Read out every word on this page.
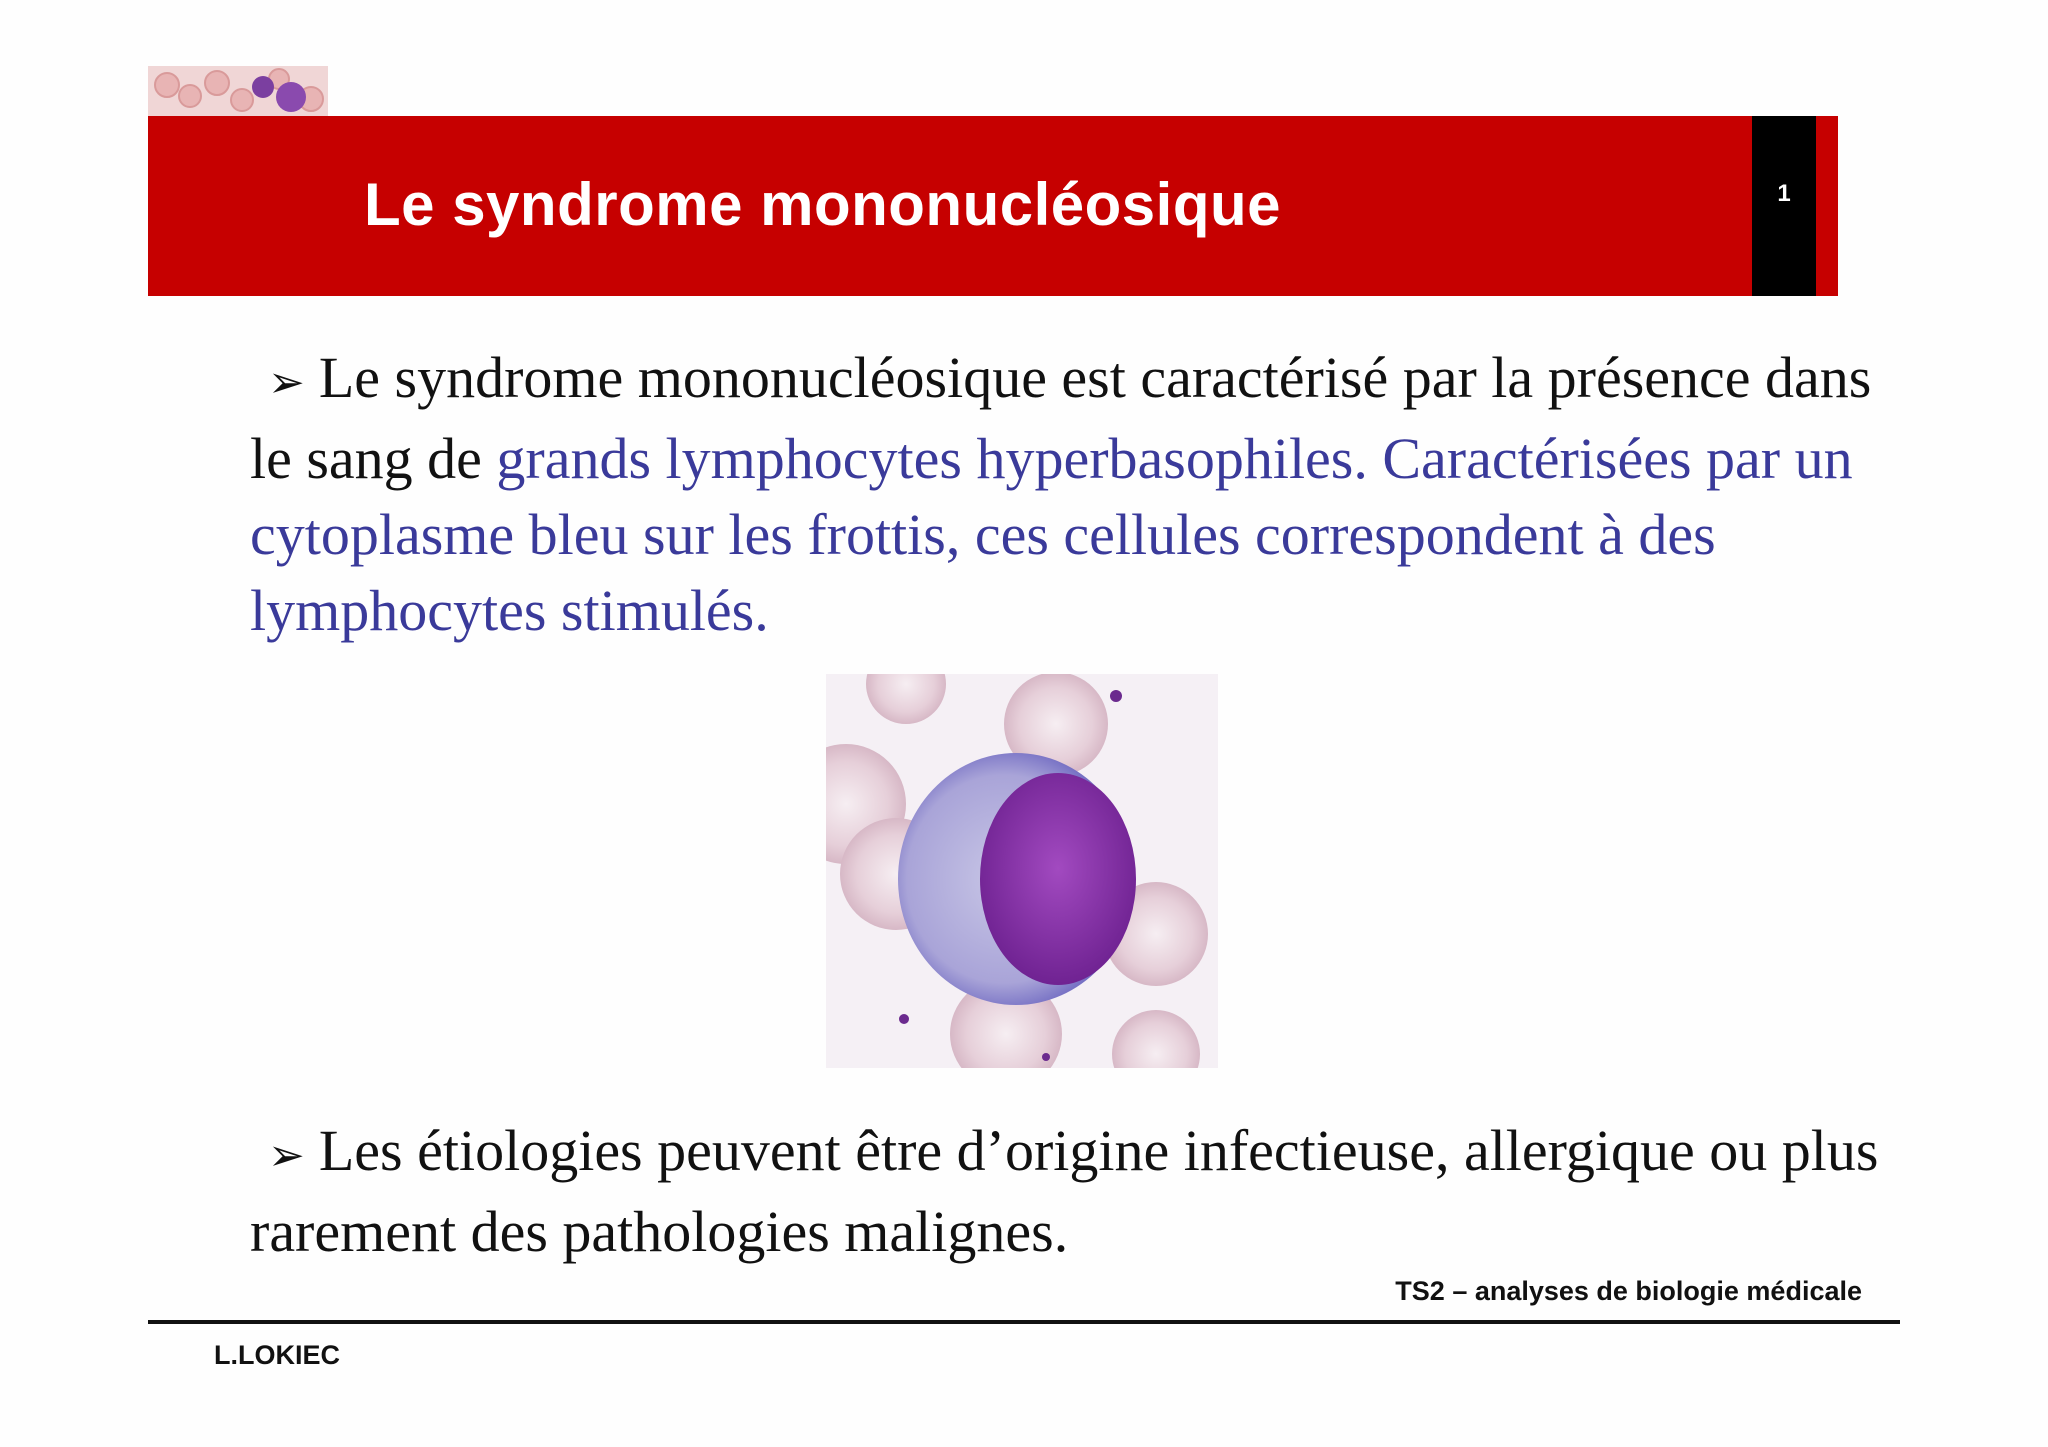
Le syndrome mononucléosique	1
➢ Le syndrome mononucléosique est caractérisé par la présence dans le sang de grands lymphocytes hyperbasophiles. Caractérisées par un cytoplasme bleu sur les frottis, ces cellules correspondent à des lymphocytes stimulés.
➢ Les étiologies peuvent être d’origine infectieuse, allergique ou plus rarement des pathologies malignes.
TS2 – analyses de biologie médicale
L.LOKIEC
